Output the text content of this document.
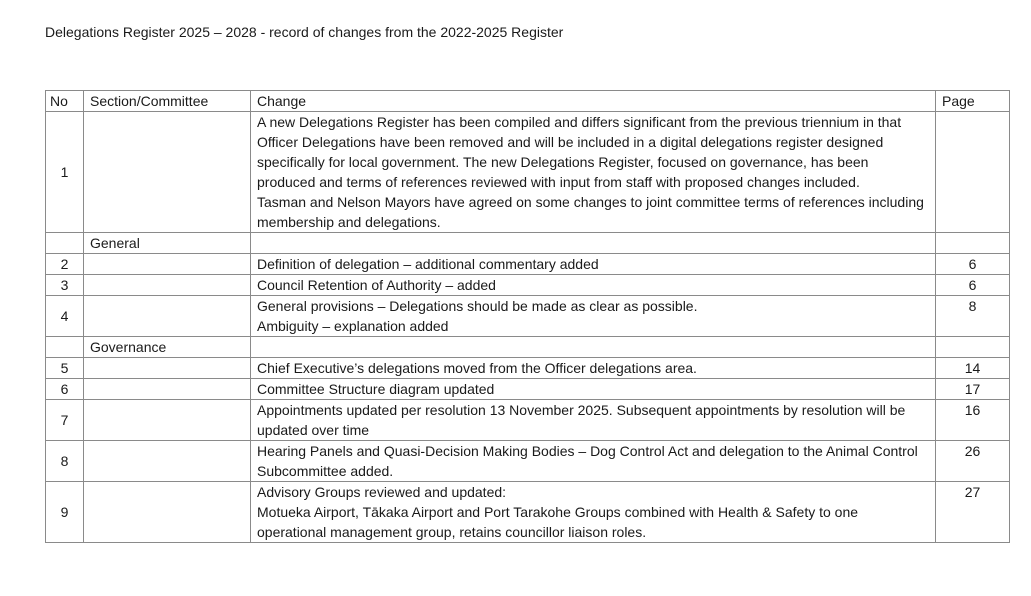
Delegations Register 2025 – 2028 - record of changes from the 2022-2025 Register
No	Section/Committee	Change	Page
1		A new Delegations Register has been compiled and differs significant from the previous triennium in that Officer Delegations have been removed and will be included in a digital delegations register designed specifically for local government. The new Delegations Register, focused on governance, has been produced and terms of references reviewed with input from staff with proposed changes included.
Tasman and Nelson Mayors have agreed on some changes to joint committee terms of references including membership and delegations.	

	General	

2		Definition of delegation – additional commentary added	6
3		Council Retention of Authority – added	6
4		General provisions – Delegations should be made as clear as possible.
Ambiguity – explanation added	8
	Governance	

5		Chief Executive’s delegations moved from the Officer delegations area.	14
6		Committee Structure diagram updated	17
7		Appointments updated per resolution 13 November 2025. Subsequent appointments by resolution will be updated over time	16
8		Hearing Panels and Quasi-Decision Making Bodies – Dog Control Act and delegation to the Animal Control Subcommittee added.	26
9		Advisory Groups reviewed and updated:
Motueka Airport, Tākaka Airport and Port Tarakohe Groups combined with Health & Safety to one operational management group, retains councillor liaison roles.	27
